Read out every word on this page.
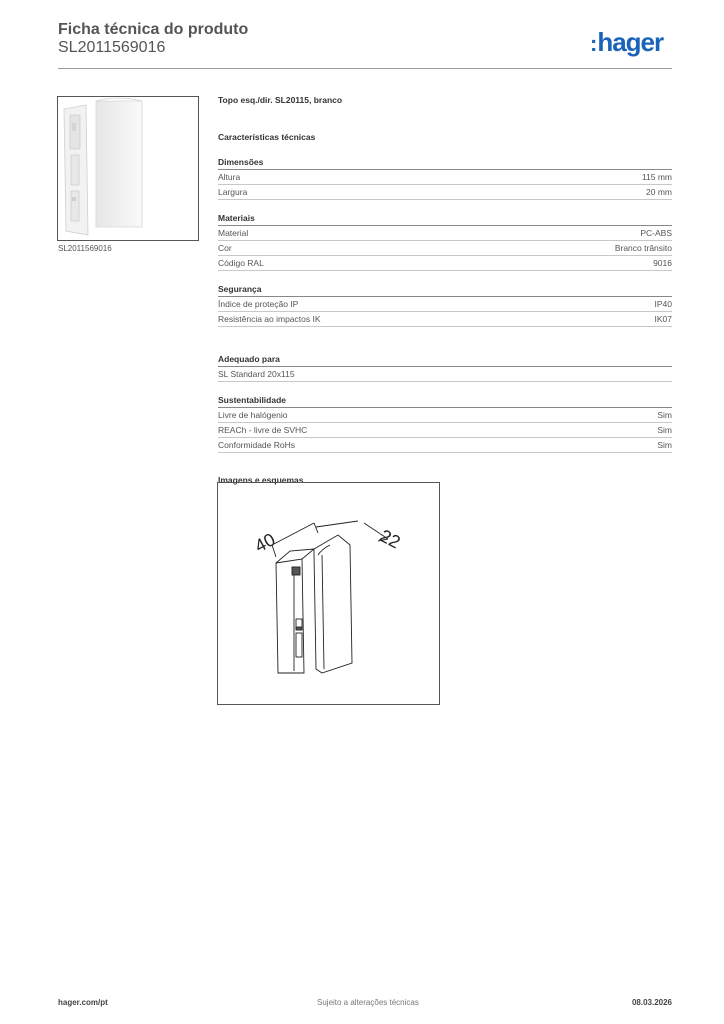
Ficha técnica do produto
SL2011569016	:hager
SL2011569016
Topo esq./dir. SL20115, branco
Características técnicas
Dimensões
Altura	115 mm
Largura	20 mm
Materiais
Material	PC-ABS
Cor	Branco trânsito
Código RAL	9016
Segurança
Índice de proteção IP	IP40
Resistência ao impactos IK	IK07
Adequado para
SL Standard 20x115
Sustentabilidade
Livre de halógenio	Sim
REACh - livre de SVHC	Sim
Conformidade RoHs	Sim
Imagens e esquemas
40	22
hager.com/pt	Sujeito a alterações técnicas	08.03.2026
